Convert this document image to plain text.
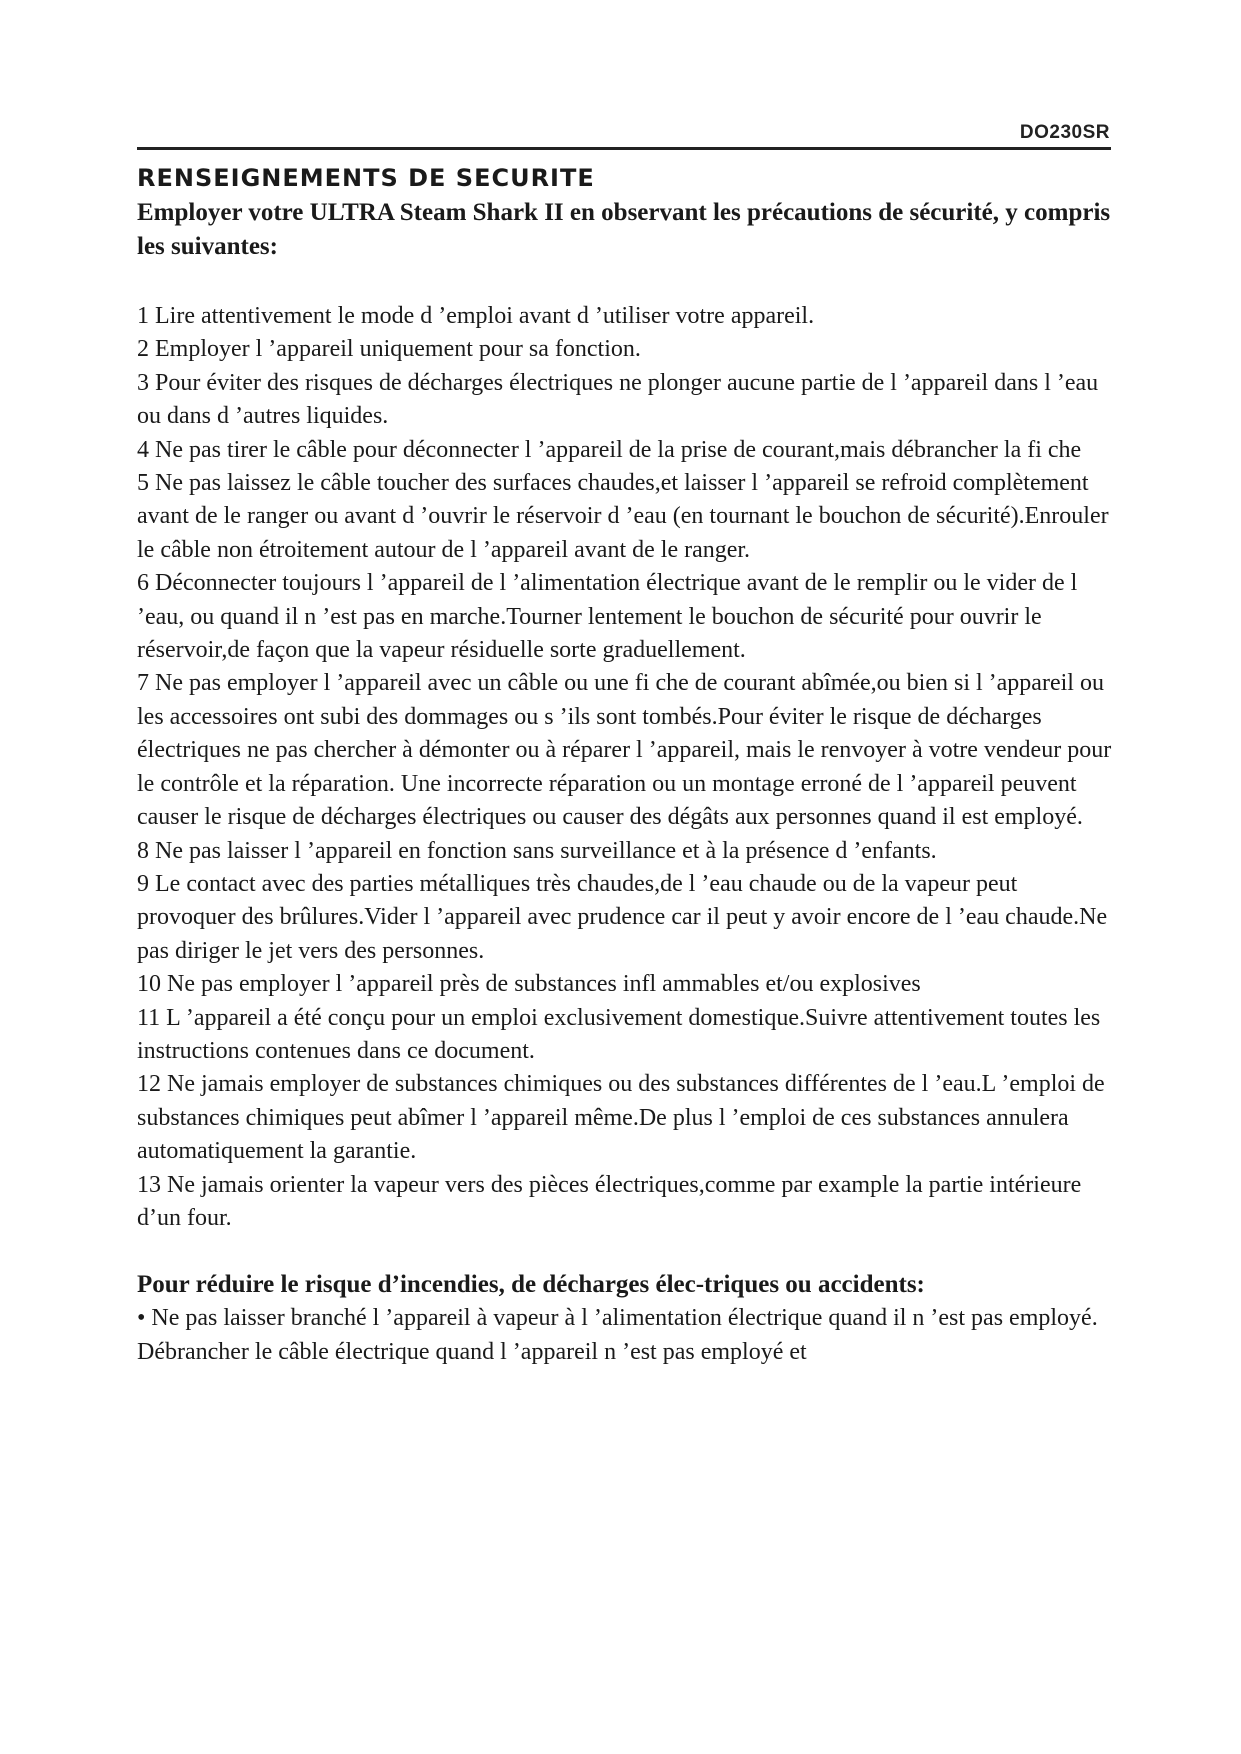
DO230SR
RENSEIGNEMENTS DE SECURITE

Employer votre ULTRA Steam Shark II en observant les précautions de sécurité, y compris les suivantes:

1 Lire attentivement le mode d ’emploi avant d ’utiliser votre appareil.

2 Employer l ’appareil uniquement pour sa fonction.

3 Pour éviter des risques de décharges électriques ne plonger aucune partie de l ’appareil dans l ’eau ou dans d ’autres liquides.

4 Ne pas tirer le câble pour déconnecter l ’appareil de la prise de courant,mais débrancher la fi che

5 Ne pas laissez le câble toucher des surfaces chaudes,et laisser l ’appareil se refroid complètement avant de le ranger ou avant d ’ouvrir le réservoir d ’eau (en tournant le bouchon de sécurité).Enrouler le câble non étroitement autour de l ’appareil avant de le ranger.

6 Déconnecter toujours l ’appareil de l ’alimentation électrique avant de le remplir ou le vider de l ’eau, ou quand il n ’est pas en marche.Tourner lentement le bouchon de sécurité pour ouvrir le réservoir,de façon que la vapeur résiduelle sorte graduellement.

7 Ne pas employer l ’appareil avec un câble ou une fi che de courant abîmée,ou bien si l ’appareil ou les accessoires ont subi des dommages ou s ’ils sont tombés.Pour éviter le risque de décharges électriques ne pas chercher à démonter ou à réparer l ’appareil, mais le renvoyer à votre vendeur pour le contrôle et la réparation. Une incorrecte réparation ou un montage erroné de l ’appareil peuvent causer le risque de décharges électriques ou causer des dégâts aux personnes quand il est employé.

8 Ne pas laisser l ’appareil en fonction sans surveillance et à la présence d ’enfants.

9 Le contact avec des parties métalliques très chaudes,de l ’eau chaude ou de la vapeur peut provoquer des brûlures.Vider l ’appareil avec prudence car il peut y avoir encore de l ’eau chaude.Ne pas diriger le jet vers des personnes.

10 Ne pas employer l ’appareil près de substances infl ammables et/ou explosives

11 L ’appareil a été conçu pour un emploi exclusivement domestique.Suivre attentivement toutes les instructions contenues dans ce document.

12 Ne jamais employer de substances chimiques ou des substances différentes de l ’eau.L ’emploi de substances chimiques peut abîmer l ’appareil même.De plus l ’emploi de ces substances annulera automatiquement la garantie.

13 Ne jamais orienter la vapeur vers des pièces électriques,comme par example la partie intérieure d’un four.

Pour réduire le risque d’incendies, de décharges élec-triques ou accidents:

• Ne pas laisser branché l ’appareil à vapeur à l ’alimentation électrique quand il n ’est pas employé. Débrancher le câble électrique quand l ’appareil n ’est pas employé et
